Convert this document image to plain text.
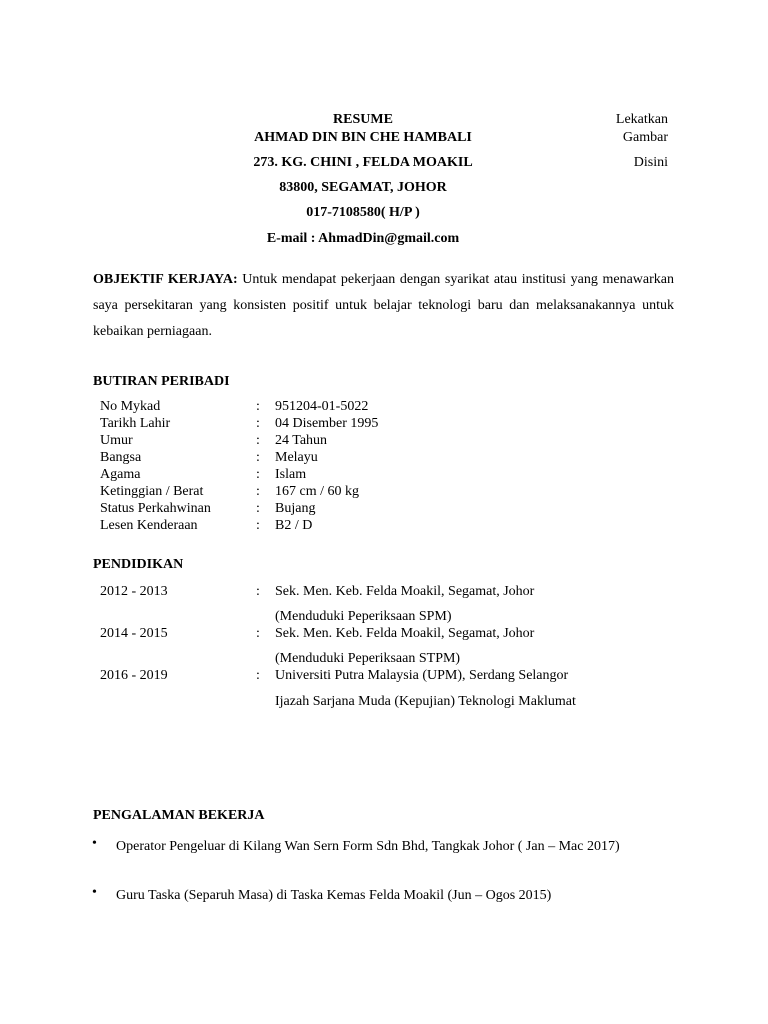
RESUME
AHMAD DIN BIN CHE HAMBALI
273. KG. CHINI , FELDA MOAKIL
83800, SEGAMAT, JOHOR
017-7108580( H/P )
E-mail : AhmadDin@gmail.com
Lekatkan
Gambar
Disini
OBJEKTIF KERJAYA: Untuk mendapat pekerjaan dengan syarikat atau institusi yang menawarkan saya persekitaran yang konsisten positif untuk belajar teknologi baru dan melaksanakannya untuk kebaikan perniagaan.
BUTIRAN PERIBADI
No Mykad	: 951204-01-5022
Tarikh Lahir	: 04 Disember 1995
Umur	: 24 Tahun
Bangsa	: Melayu
Agama	: Islam
Ketinggian / Berat	: 167 cm / 60 kg
Status Perkahwinan	: Bujang
Lesen Kenderaan	: B2 / D
PENDIDIKAN
2012 - 2013	: Sek. Men. Keb. Felda Moakil, Segamat, Johor
(Menduduki Peperiksaan SPM)
2014 - 2015	: Sek. Men. Keb. Felda Moakil, Segamat, Johor
(Menduduki Peperiksaan STPM)
2016 - 2019	: Universiti Putra Malaysia (UPM), Serdang Selangor
Ijazah Sarjana Muda (Kepujian) Teknologi Maklumat
PENGALAMAN BEKERJA
• Operator Pengeluar di Kilang Wan Sern Form Sdn Bhd, Tangkak Johor ( Jan – Mac 2017)
• Guru Taska (Separuh Masa) di Taska Kemas Felda Moakil (Jun – Ogos 2015)
